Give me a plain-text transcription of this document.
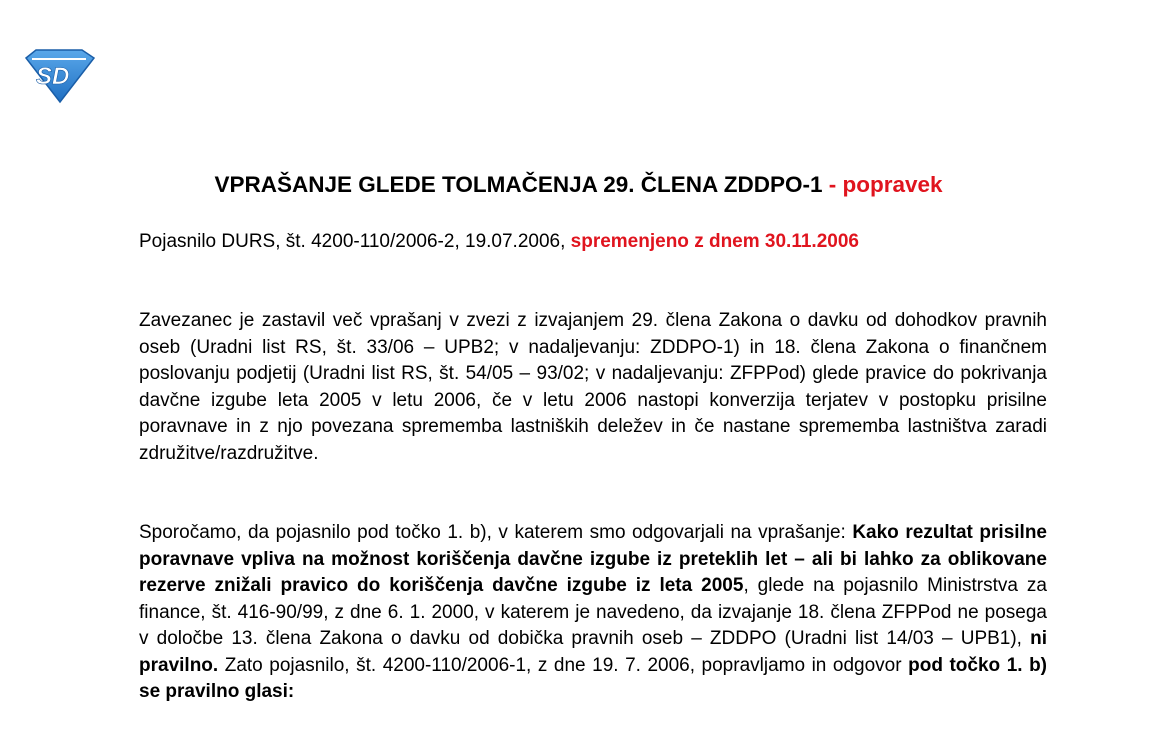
SD
VPRAŠANJE GLEDE TOLMAČENJA 29. ČLENA ZDDPO-1 - popravek
Pojasnilo DURS, št. 4200-110/2006-2, 19.07.2006, spremenjeno z dnem 30.11.2006

Zavezanec je zastavil več vprašanj v zvezi z izvajanjem 29. člena Zakona o davku od dohodkov pravnih oseb (Uradni list RS, št. 33/06 – UPB2; v nadaljevanju: ZDDPO-1) in 18. člena Zakona o finančnem poslovanju podjetij (Uradni list RS, št. 54/05 – 93/02; v nadaljevanju: ZFPPod) glede pravice do pokrivanja davčne izgube leta 2005 v letu 2006, če v letu 2006 nastopi konverzija terjatev v postopku prisilne poravnave in z njo povezana sprememba lastniških deležev in če nastane sprememba lastništva zaradi združitve/razdružitve.

Sporočamo, da pojasnilo pod točko 1. b), v katerem smo odgovarjali na vprašanje: Kako rezultat prisilne poravnave vpliva na možnost koriščenja davčne izgube iz preteklih let – ali bi lahko za oblikovane rezerve znižali pravico do koriščenja davčne izgube iz leta 2005, glede na pojasnilo Ministrstva za finance, št. 416-90/99, z dne 6. 1. 2000, v katerem je navedeno, da izvajanje 18. člena ZFPPod ne posega v določbe 13. člena Zakona o davku od dobička pravnih oseb – ZDDPO (Uradni list 14/03 – UPB1), ni pravilno. Zato pojasnilo, št. 4200-110/2006-1, z dne 19. 7. 2006, popravljamo in odgovor pod točko 1. b) se pravilno glasi:
